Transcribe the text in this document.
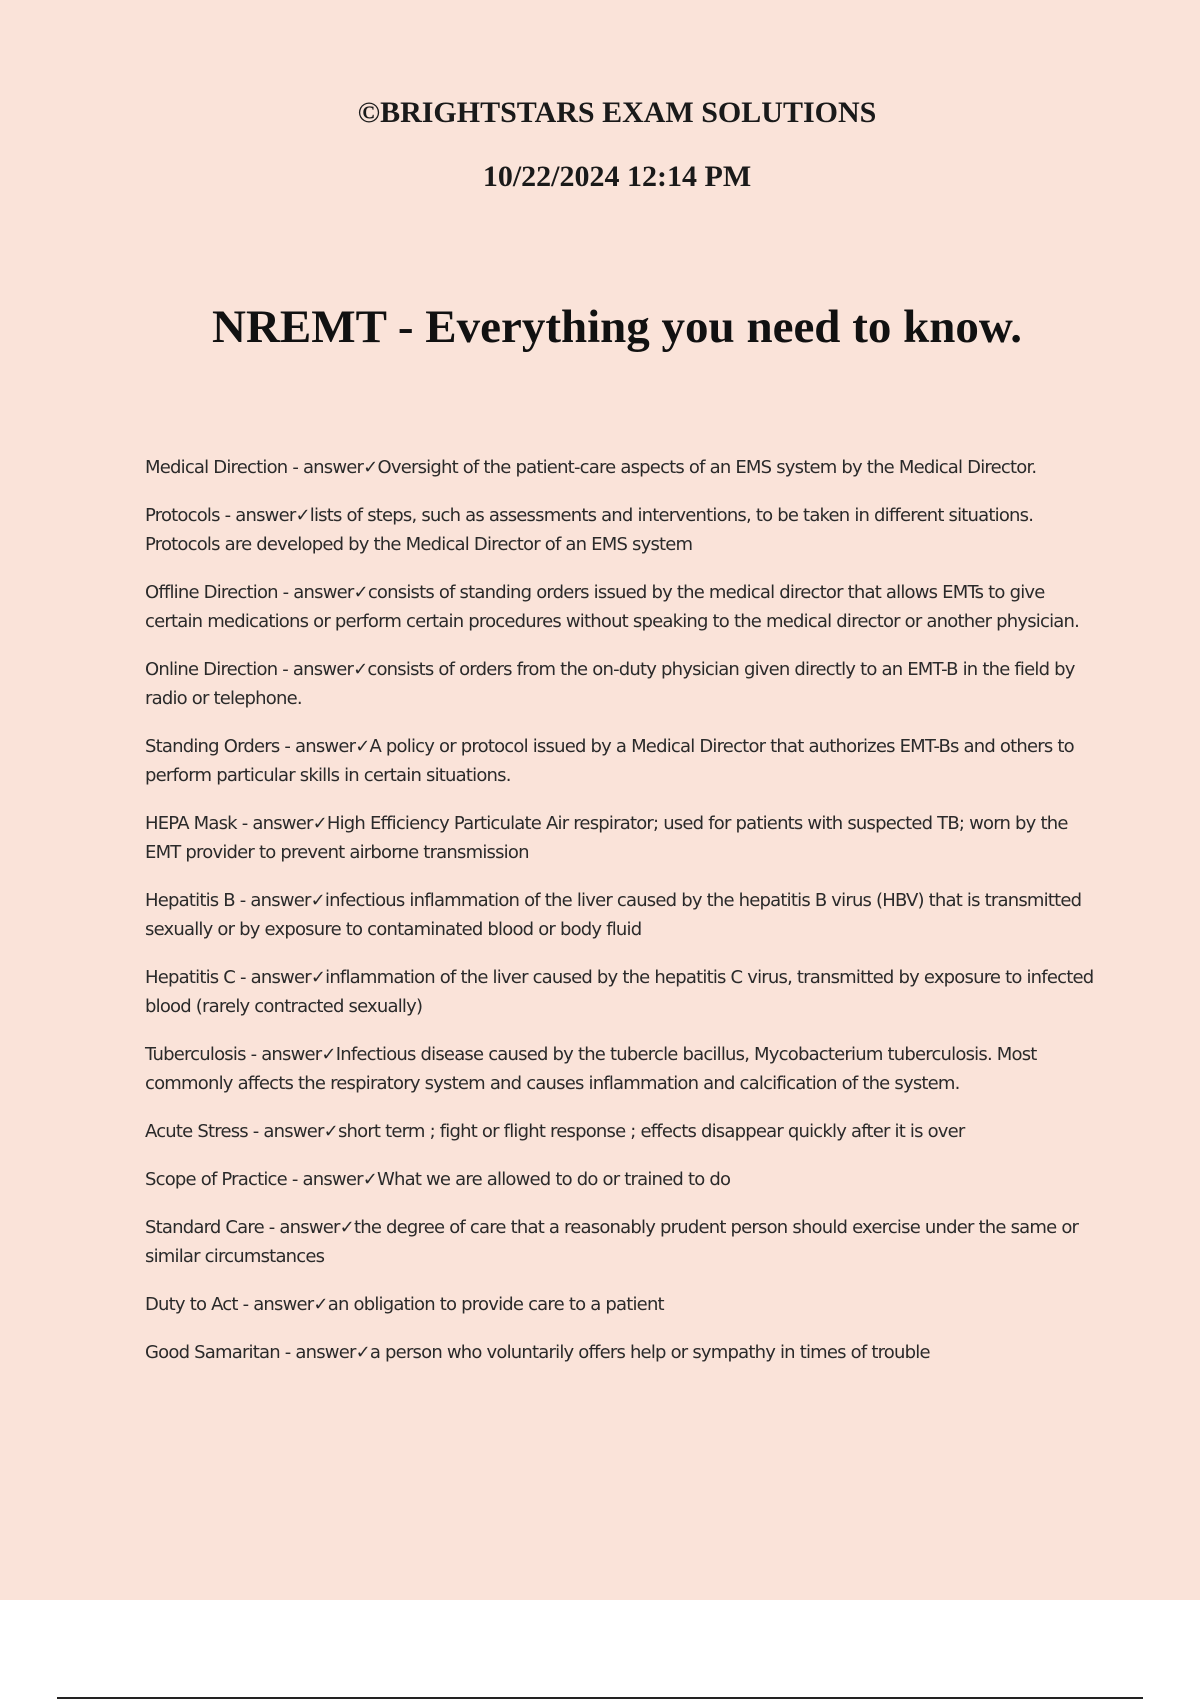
©BRIGHTSTARS EXAM SOLUTIONS
10/22/2024 12:14 PM
NREMT - Everything you need to know.

Medical Direction - answer✓Oversight of the patient-care aspects of an EMS system by the Medical Director.

Protocols - answer✓lists of steps, such as assessments and interventions, to be taken in different situations. Protocols are developed by the Medical Director of an EMS system

Offline Direction - answer✓consists of standing orders issued by the medical director that allows EMTs to give certain medications or perform certain procedures without speaking to the medical director or another physician.

Online Direction - answer✓consists of orders from the on-duty physician given directly to an EMT-B in the field by radio or telephone.

Standing Orders - answer✓A policy or protocol issued by a Medical Director that authorizes EMT-Bs and others to perform particular skills in certain situations.

HEPA Mask - answer✓High Efficiency Particulate Air respirator; used for patients with suspected TB; worn by the EMT provider to prevent airborne transmission

Hepatitis B - answer✓infectious inflammation of the liver caused by the hepatitis B virus (HBV) that is transmitted sexually or by exposure to contaminated blood or body fluid

Hepatitis C - answer✓inflammation of the liver caused by the hepatitis C virus, transmitted by exposure to infected blood (rarely contracted sexually)

Tuberculosis - answer✓Infectious disease caused by the tubercle bacillus, Mycobacterium tuberculosis. Most commonly affects the respiratory system and causes inflammation and calcification of the system.

Acute Stress - answer✓short term ; fight or flight response ; effects disappear quickly after it is over

Scope of Practice - answer✓What we are allowed to do or trained to do

Standard Care - answer✓the degree of care that a reasonably prudent person should exercise under the same or similar circumstances

Duty to Act - answer✓an obligation to provide care to a patient

Good Samaritan - answer✓a person who voluntarily offers help or sympathy in times of trouble
